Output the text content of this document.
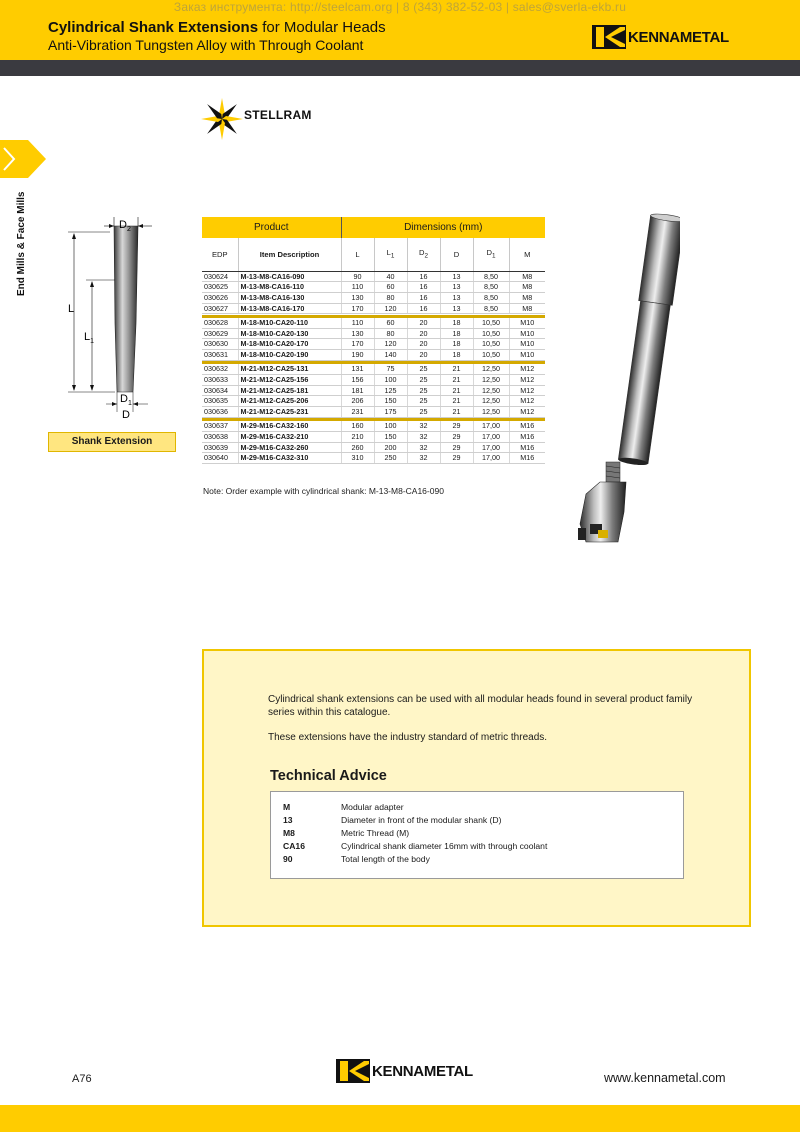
Заказ инструмента: http://steelcam.org | 8 (343) 382-52-03 | sales@sverla-ekb.ru
Cylindrical Shank Extensions for Modular Heads
Anti-Vibration Tungsten Alloy with Through Coolant	KENNAMETAL
End Mills & Face Mills
STELLRAM
$D_2$
L
$L_1$
$D_1$
D
Shank Extension
Product		Dimensions (mm)					
EDP	Item Description	L	$L_1$	$D_2$	D	$D_1$	M
030624	M-13-M8-CA16-090	90	40	16	13	8,50	M8
030625	M-13-M8-CA16-110	110	60	16	13	8,50	M8
030626	M-13-M8-CA16-130	130	80	16	13	8,50	M8
030627	M-13-M8-CA16-170	170	120	16	13	8,50	M8

030628	M-18-M10-CA20-110	110	60	20	18	10,50	M10
030629	M-18-M10-CA20-130	130	80	20	18	10,50	M10
030630	M-18-M10-CA20-170	170	120	20	18	10,50	M10
030631	M-18-M10-CA20-190	190	140	20	18	10,50	M10

030632	M-21-M12-CA25-131	131	75	25	21	12,50	M12
030633	M-21-M12-CA25-156	156	100	25	21	12,50	M12
030634	M-21-M12-CA25-181	181	125	25	21	12,50	M12
030635	M-21-M12-CA25-206	206	150	25	21	12,50	M12
030636	M-21-M12-CA25-231	231	175	25	21	12,50	M12

030637	M-29-M16-CA32-160	160	100	32	29	17,00	M16
030638	M-29-M16-CA32-210	210	150	32	29	17,00	M16
030639	M-29-M16-CA32-260	260	200	32	29	17,00	M16
030640	M-29-M16-CA32-310	310	250	32	29	17,00	M16
Note: Order example with cylindrical shank: M-13-M8-CA16-090
Cylindrical shank extensions can be used with all modular heads found in several product family series within this catalogue.
These extensions have the industry standard of metric threads.
Technical Advice
M	Modular adapter
13	Diameter in front of the modular shank (D)
M8	Metric Thread (M)
CA16	Cylindrical shank diameter 16mm with through coolant
90	Total length of the body
A76	KENNAMETAL	www.kennametal.com
